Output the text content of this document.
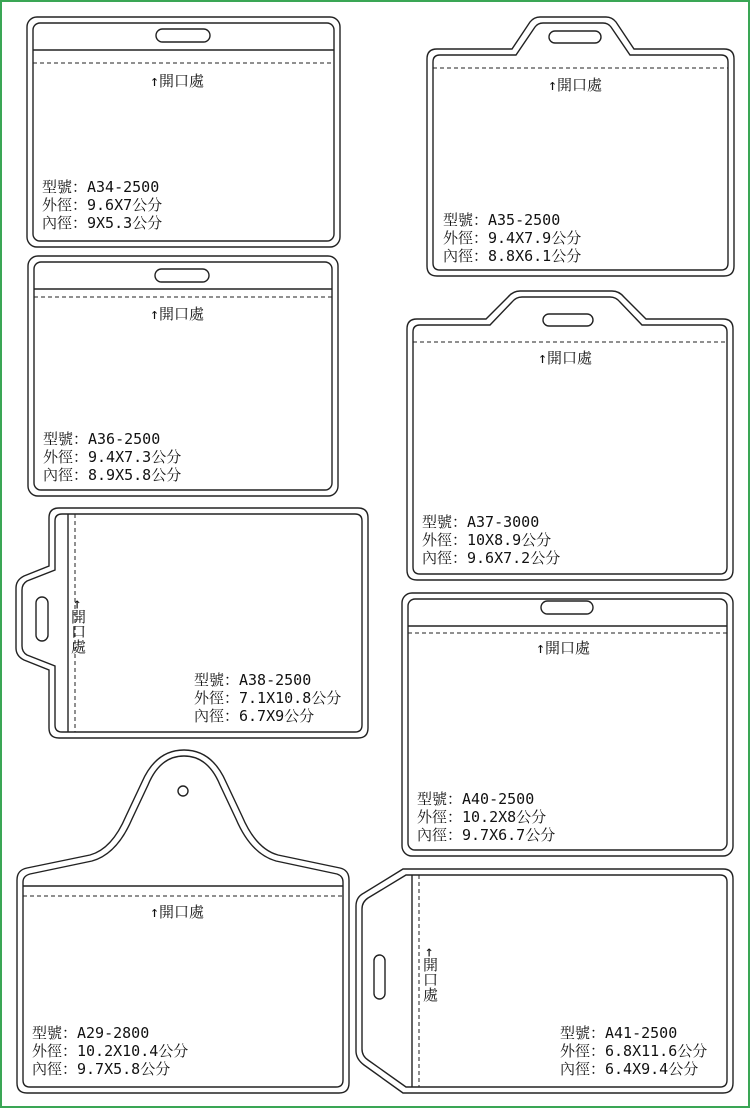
↑開口處
型號：A34-2500
外徑：9.6X7公分
內徑：9X5.3公分
↑開口處
型號：A35-2500
外徑：9.4X7.9公分
內徑：8.8X6.1公分
↑開口處
型號：A36-2500
外徑：9.4X7.3公分
內徑：8.9X5.8公分
↑開口處
型號：A37-3000
外徑：10X8.9公分
內徑：9.6X7.2公分
←開口處
型號：A38-2500
外徑：7.1X10.8公分
內徑：6.7X9公分
↑開口處
型號：A40-2500
外徑：10.2X8公分
內徑：9.7X6.7公分
↑開口處
型號：A29-2800
外徑：10.2X10.4公分
內徑：9.7X5.8公分
←開口處
型號：A41-2500
外徑：6.8X11.6公分
內徑：6.4X9.4公分
